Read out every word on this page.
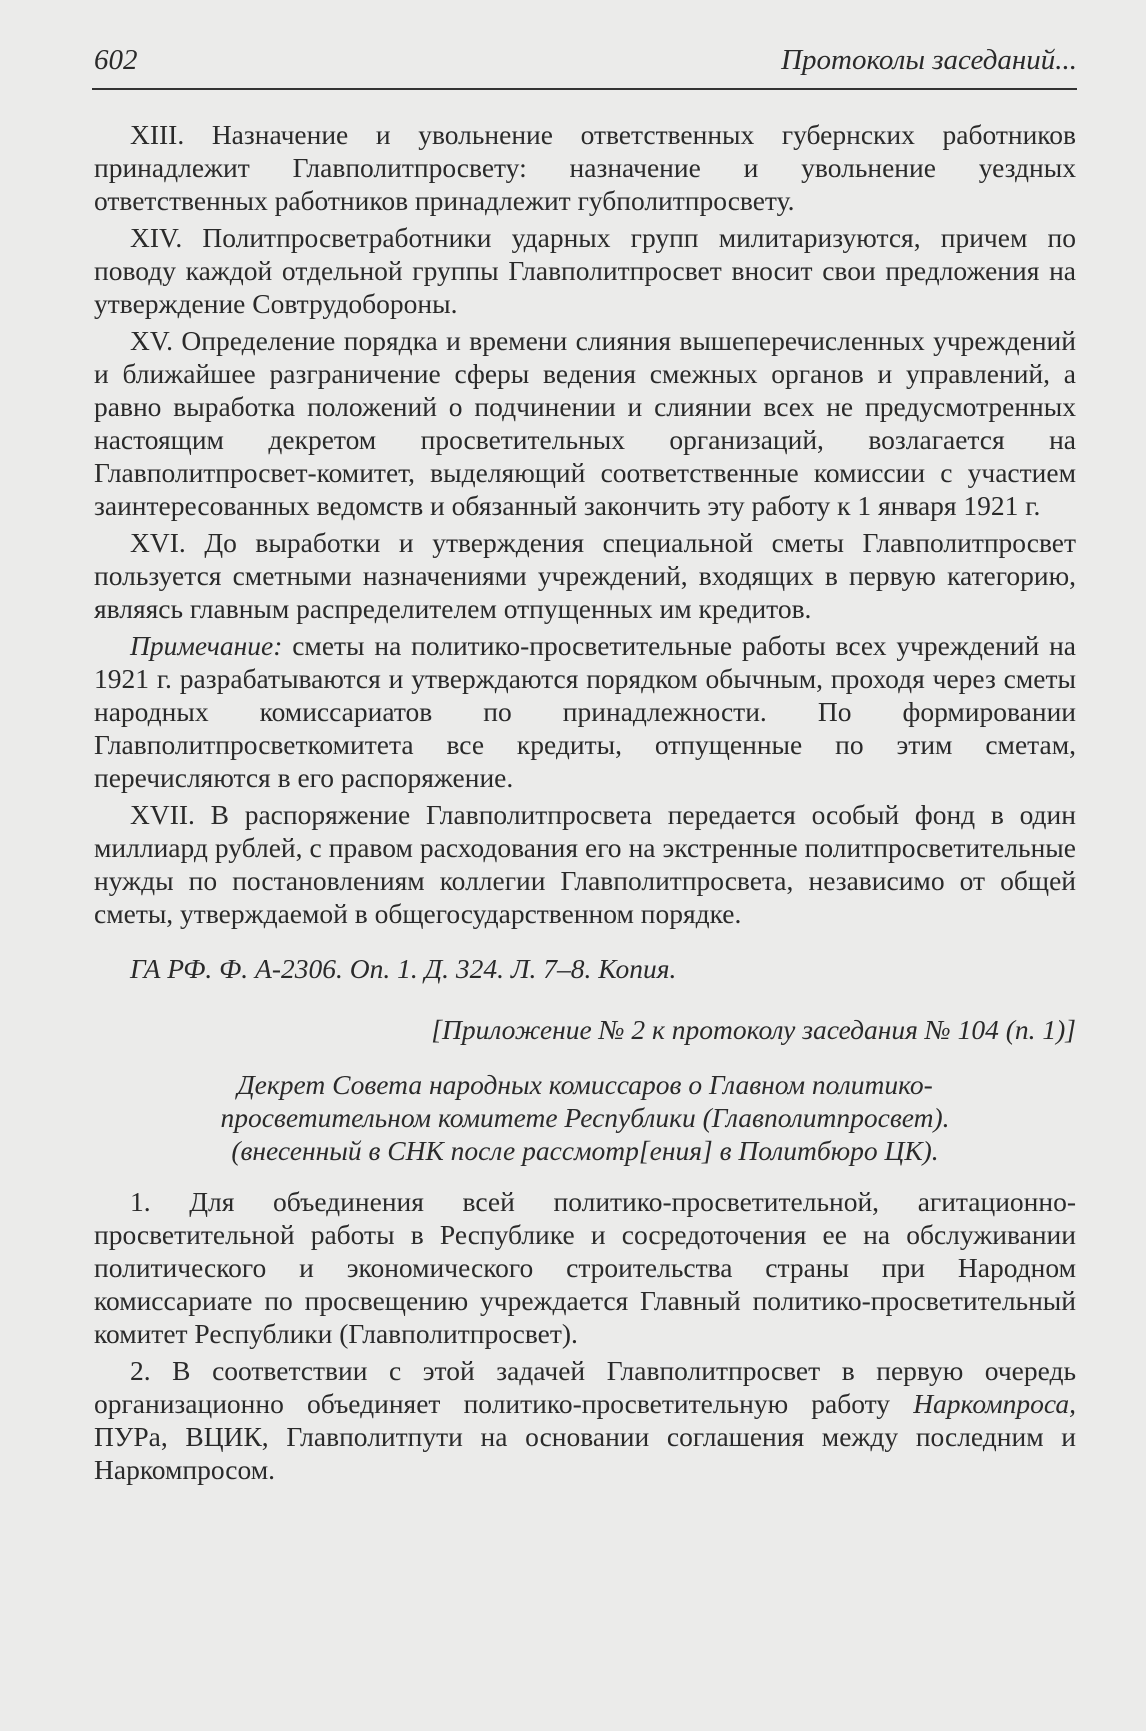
602	Протоколы заседаний...

XIII. Назначение и увольнение ответственных губернских работников принадлежит Главполитпросвету: назначение и увольнение уездных ответственных работников принадлежит губполитпросвету.

XIV. Политпросветработники ударных групп милитаризуются, причем по поводу каждой отдельной группы Главполитпросвет вносит свои предложения на утверждение Совтрудобороны.

XV. Определение порядка и времени слияния вышеперечисленных учреждений и ближайшее разграничение сферы ведения смежных органов и управлений, а равно выработка положений о подчинении и слиянии всех не предусмотренных настоящим декретом просветительных организаций, возлагается на Главполитпросвет-комитет, выделяющий соответственные комиссии с участием заинтересованных ведомств и обязанный закончить эту работу к 1 января 1921 г.

XVI. До выработки и утверждения специальной сметы Главполитпросвет пользуется сметными назначениями учреждений, входящих в первую категорию, являясь главным распределителем отпущенных им кредитов.

Примечание: сметы на политико-просветительные работы всех учреждений на 1921 г. разрабатываются и утверждаются порядком обычным, проходя через сметы народных комиссариатов по принадлежности. По формировании Главполитпросветкомитета все кредиты, отпущенные по этим сметам, перечисляются в его распоряжение.

XVII. В распоряжение Главполитпросвета передается особый фонд в один миллиард рублей, с правом расходования его на экстренные политпросветительные нужды по постановлениям коллегии Главполитпросвета, независимо от общей сметы, утверждаемой в общегосударственном порядке.

ГА РФ. Ф. А-2306. Оп. 1. Д. 324. Л. 7–8. Копия.

[Приложение № 2 к протоколу заседания № 104 (п. 1)]

Декрет Совета народных комиссаров о Главном политико-
просветительном комитете Республики (Главполитпросвет).
(внесенный в СНК после рассмотр[ения] в Политбюро ЦК).

1. Для объединения всей политико-просветительной, агитационно-просветительной работы в Республике и сосредоточения ее на обслуживании политического и экономического строительства страны при Народном комиссариате по просвещению учреждается Главный политико-просветительный комитет Республики (Главполитпросвет).

2. В соответствии с этой задачей Главполитпросвет в первую очередь организационно объединяет политико-просветительную работу Наркомпроса, ПУРа, ВЦИК, Главполитпути на основании соглашения между последним и Наркомпросом.
